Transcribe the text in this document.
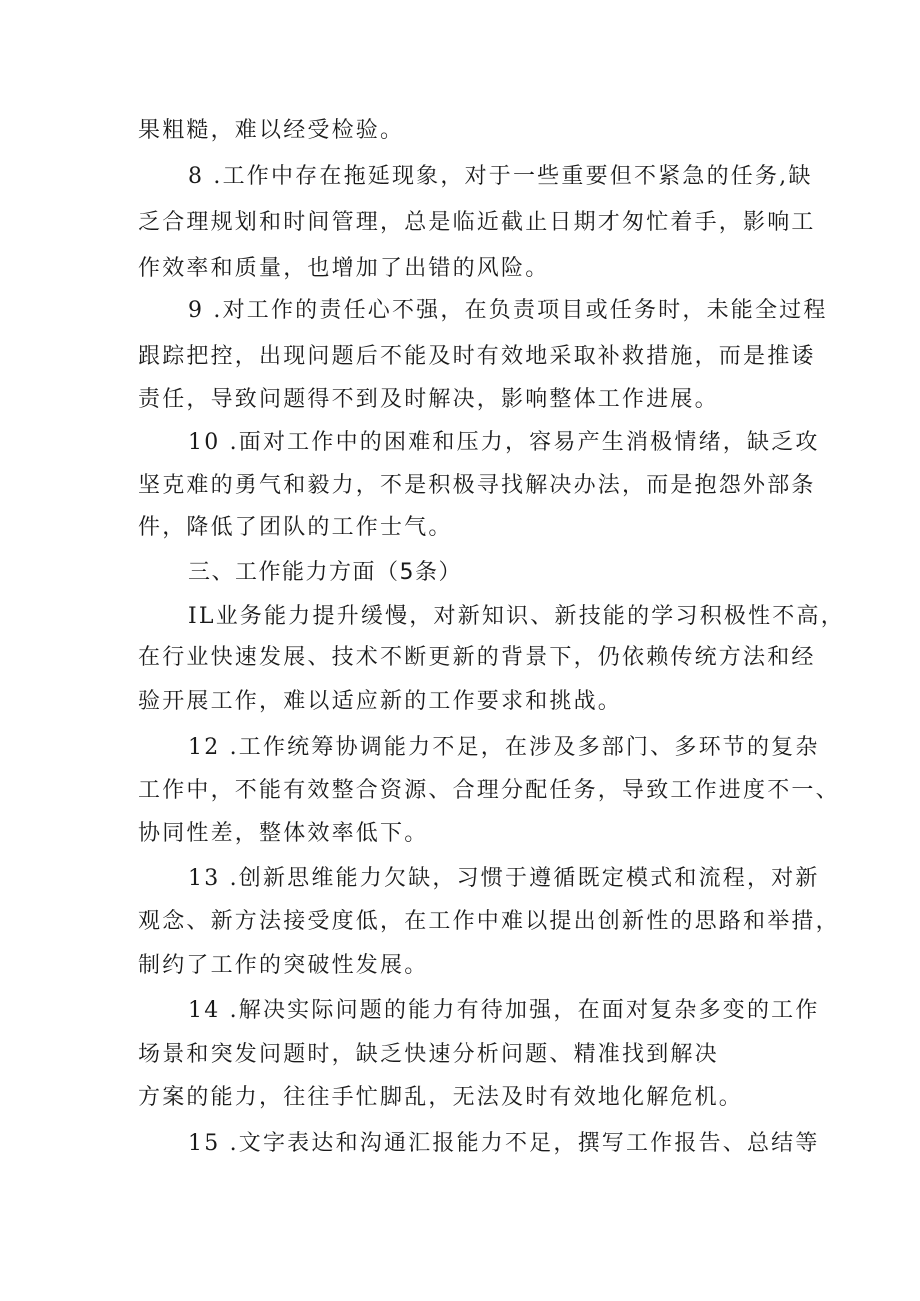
果粗糙，难以经受检验。
8 .工作中存在拖延现象，对于一些重要但不紧急的任务,缺
乏合理规划和时间管理，总是临近截止日期才匆忙着手，影响工
作效率和质量，也增加了出错的风险。
9 .对工作的责任心不强，在负责项目或任务时，未能全过程
跟踪把控，出现问题后不能及时有效地采取补救措施，而是推诿
责任，导致问题得不到及时解决，影响整体工作进展。
10 .面对工作中的困难和压力，容易产生消极情绪，缺乏攻
坚克难的勇气和毅力，不是积极寻找解决办法，而是抱怨外部条
件，降低了团队的工作士气。
三、工作能力方面（5条）
IL业务能力提升缓慢，对新知识、新技能的学习积极性不高，
在行业快速发展、技术不断更新的背景下，仍依赖传统方法和经
验开展工作，难以适应新的工作要求和挑战。
12 .工作统筹协调能力不足，在涉及多部门、多环节的复杂
工作中，不能有效整合资源、合理分配任务，导致工作进度不一、
协同性差，整体效率低下。
13 .创新思维能力欠缺，习惯于遵循既定模式和流程，对新
观念、新方法接受度低，在工作中难以提出创新性的思路和举措，
制约了工作的突破性发展。
14 .解决实际问题的能力有待加强，在面对复杂多变的工作
场景和突发问题时，缺乏快速分析问题、精准找到解决
方案的能力，往往手忙脚乱，无法及时有效地化解危机。
15 .文字表达和沟通汇报能力不足，撰写工作报告、总结等
